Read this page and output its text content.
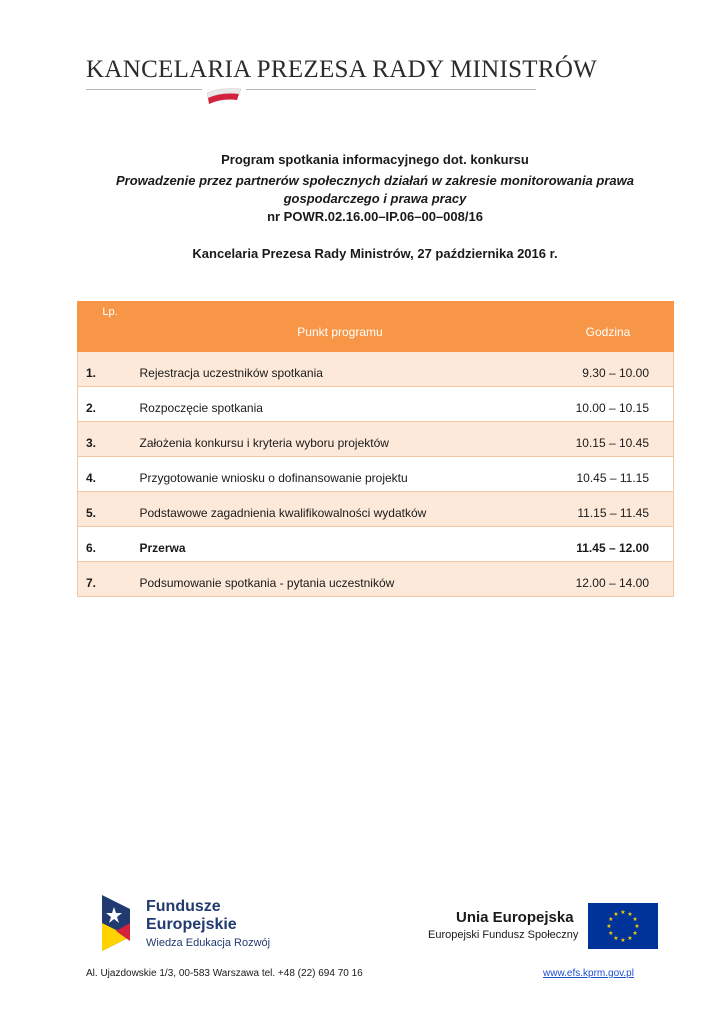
KANCELARIA PREZESA RADY MINISTRÓW
Program spotkania informacyjnego dot. konkursu
Prowadzenie przez partnerów społecznych działań w zakresie monitorowania prawa
gospodarczego i prawa pracy
nr POWR.02.16.00–IP.06–00–008/16
Kancelaria Prezesa Rady Ministrów, 27 października 2016 r.
Lp.	Punkt programu	Godzina
1.	Rejestracja uczestników spotkania	9.30 – 10.00
2.	Rozpoczęcie spotkania	10.00 – 10.15
3.	Założenia konkursu i kryteria wyboru projektów	10.15 – 10.45
4.	Przygotowanie wniosku o dofinansowanie projektu	10.45 – 11.15
5.	Podstawowe zagadnienia kwalifikowalności wydatków	11.15 – 11.45
6.	Przerwa	11.45 – 12.00
7.	Podsumowanie spotkania - pytania uczestników	12.00 – 14.00
Fundusze
Europejskie
Wiedza Edukacja Rozwój
Unia Europejska
Europejski Fundusz Społeczny
★ ★
★
★
★
★
★
★
★
★
★
★
Al. Ujazdowskie 1/3, 00-583 Warszawa tel. +48 (22) 694 70 16	www.efs.kprm.gov.pl
